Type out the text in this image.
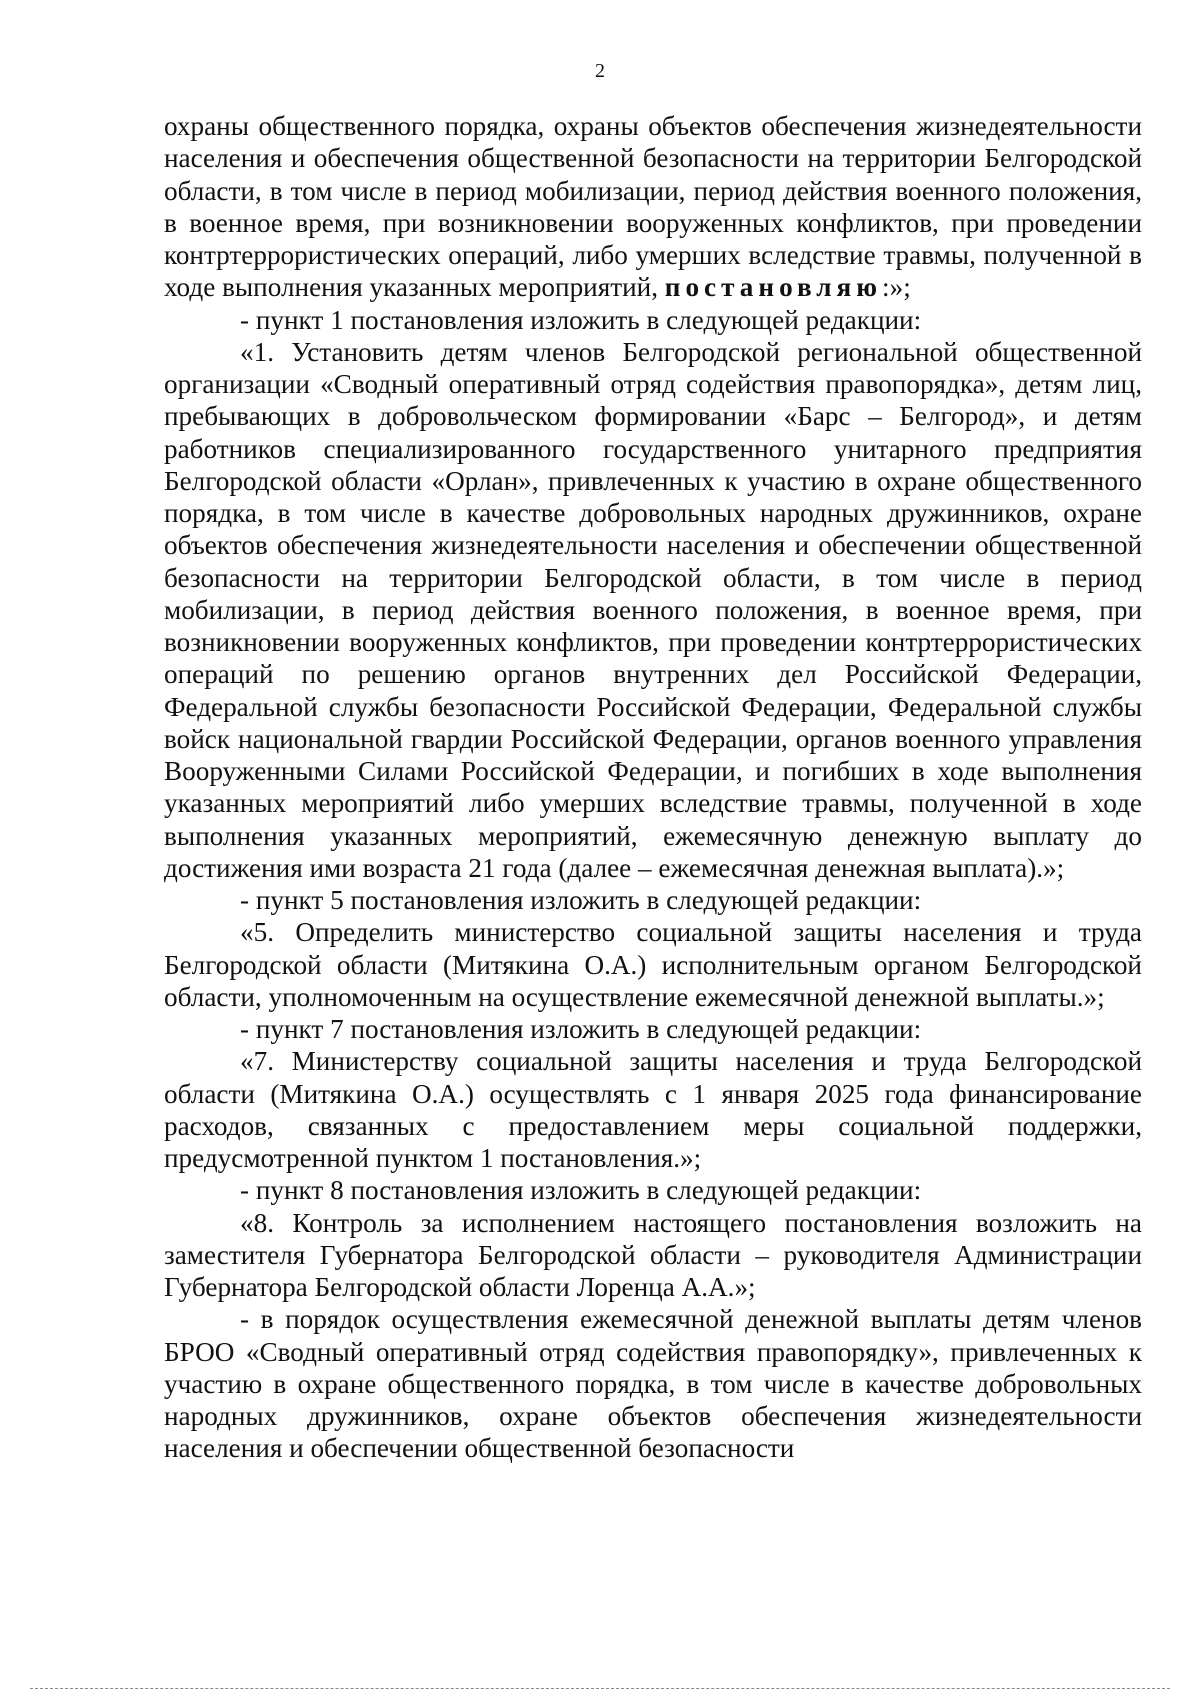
2

охраны общественного порядка, охраны объектов обеспечения жизнедеятельности населения и обеспечения общественной безопасности на территории Белгородской области, в том числе в период мобилизации, период действия военного положения, в военное время, при возникновении вооруженных конфликтов, при проведении контртеррористических операций, либо умерших вследствие травмы, полученной в ходе выполнения указанных мероприятий, постановляю:»;

- пункт 1 постановления изложить в следующей редакции:

«1. Установить детям членов Белгородской региональной общественной организации «Сводный оперативный отряд содействия правопорядка», детям лиц, пребывающих в добровольческом формировании «Барс – Белгород», и детям работников специализированного государственного унитарного предприятия Белгородской области «Орлан», привлеченных к участию в охране общественного порядка, в том числе в качестве добровольных народных дружинников, охране объектов обеспечения жизнедеятельности населения и обеспечении общественной безопасности на территории Белгородской области, в том числе в период мобилизации, в период действия военного положения, в военное время, при возникновении вооруженных конфликтов, при проведении контртеррористических операций по решению органов внутренних дел Российской Федерации, Федеральной службы безопасности Российской Федерации, Федеральной службы войск национальной гвардии Российской Федерации, органов военного управления Вооруженными Силами Российской Федерации, и погибших в ходе выполнения указанных мероприятий либо умерших вследствие травмы, полученной в ходе выполнения указанных мероприятий, ежемесячную денежную выплату до достижения ими возраста 21 года (далее – ежемесячная денежная выплата).»;

- пункт 5 постановления изложить в следующей редакции:

«5. Определить министерство социальной защиты населения и труда Белгородской области (Митякина О.А.) исполнительным органом Белгородской области, уполномоченным на осуществление ежемесячной денежной выплаты.»;

- пункт 7 постановления изложить в следующей редакции:

«7. Министерству социальной защиты населения и труда Белгородской области (Митякина О.А.) осуществлять с 1 января 2025 года финансирование расходов, связанных с предоставлением меры социальной поддержки, предусмотренной пунктом 1 постановления.»;

- пункт 8 постановления изложить в следующей редакции:

«8. Контроль за исполнением настоящего постановления возложить на заместителя Губернатора Белгородской области – руководителя Администрации Губернатора Белгородской области Лоренца А.А.»;

- в порядок осуществления ежемесячной денежной выплаты детям членов БРОО «Сводный оперативный отряд содействия правопорядку», привлеченных к участию в охране общественного порядка, в том числе в качестве добровольных народных дружинников, охране объектов обеспечения жизнедеятельности населения и обеспечении общественной безопасности
